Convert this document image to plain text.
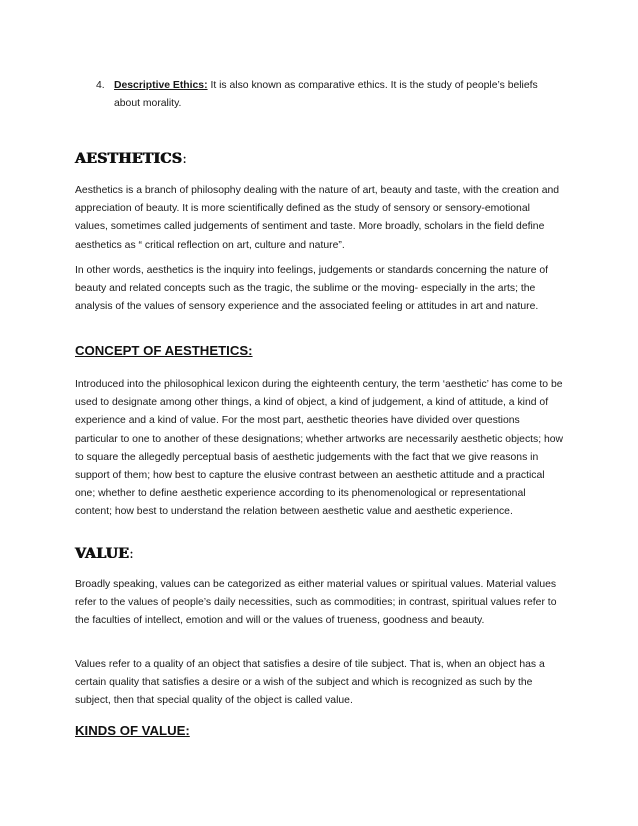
4. Descriptive Ethics: It is also known as comparative ethics. It is the study of people’s beliefs about morality.
AESTHETICS:

Aesthetics is a branch of philosophy dealing with the nature of art, beauty and taste, with the creation and appreciation of beauty. It is more scientifically defined as the study of sensory or sensory-emotional values, sometimes called judgements of sentiment and taste. More broadly, scholars in the field define aesthetics as “ critical reflection on art, culture and nature”.

In other words, aesthetics is the inquiry into feelings, judgements or standards concerning the nature of beauty and related concepts such as the tragic, the sublime or the moving- especially in the arts; the analysis of the values of sensory experience and the associated feeling or attitudes in art and nature.

CONCEPT OF AESTHETICS:

Introduced into the philosophical lexicon during the eighteenth century, the term ‘aesthetic’ has come to be used to designate among other things, a kind of object, a kind of judgement, a kind of attitude, a kind of experience and a kind of value. For the most part, aesthetic theories have divided over questions particular to one to another of these designations; whether artworks are necessarily aesthetic objects; how to square the allegedly perceptual basis of aesthetic judgements with the fact that we give reasons in support of them; how best to capture the elusive contrast between an aesthetic attitude and a practical one; whether to define aesthetic experience according to its phenomenological or representational content; how best to understand the relation between aesthetic value and aesthetic experience.

VALUE:

Broadly speaking, values can be categorized as either material values or spiritual values. Material values refer to the values of people’s daily necessities, such as commodities; in contrast, spiritual values refer to the faculties of intellect, emotion and will or the values of trueness, goodness and beauty.

Values refer to a quality of an object that satisfies a desire of tile subject. That is, when an object has a certain quality that satisfies a desire or a wish of the subject and which is recognized as such by the subject, then that special quality of the object is called value.

KINDS OF VALUE:
